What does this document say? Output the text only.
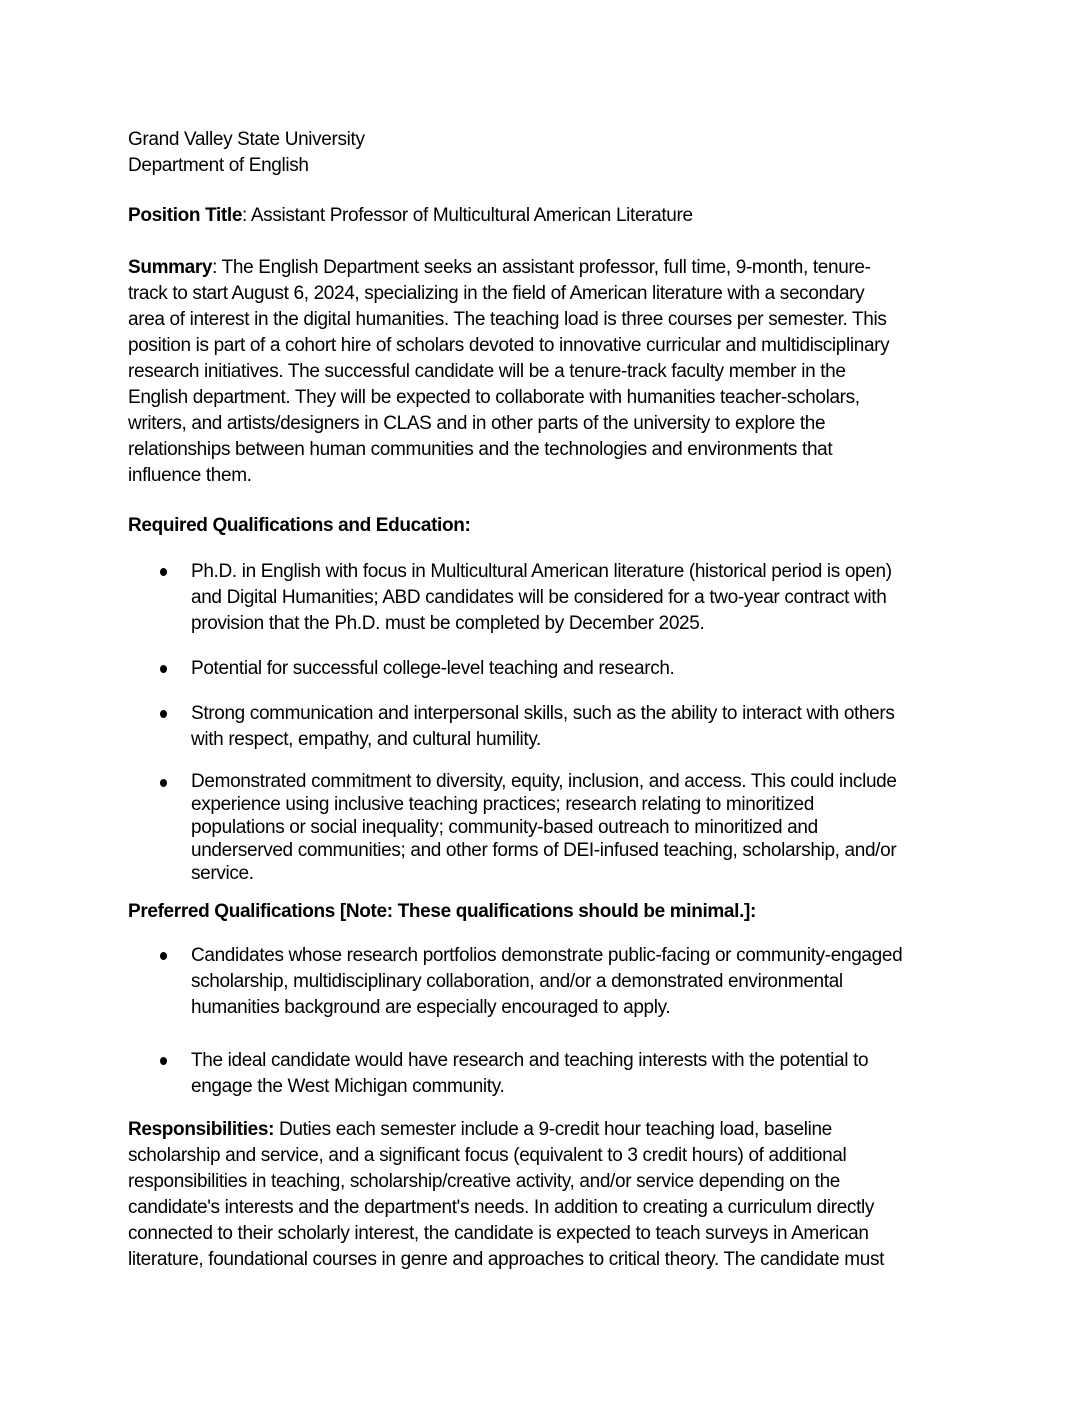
Grand Valley State University
Department of English
Position Title: Assistant Professor of Multicultural American Literature
Summary: The English Department seeks an assistant professor, full time, 9-month, tenure-
track to start August 6, 2024, specializing in the field of American literature with a secondary
area of interest in the digital humanities. The teaching load is three courses per semester. This
position is part of a cohort hire of scholars devoted to innovative curricular and multidisciplinary
research initiatives. The successful candidate will be a tenure-track faculty member in the
English department. They will be expected to collaborate with humanities teacher-scholars,
writers, and artists/designers in CLAS and in other parts of the university to explore the
relationships between human communities and the technologies and environments that
influence them.
Required Qualifications and Education:
Ph.D. in English with focus in Multicultural American literature (historical period is open)
and Digital Humanities; ABD candidates will be considered for a two-year contract with
provision that the Ph.D. must be completed by December 2025.
Potential for successful college-level teaching and research.
Strong communication and interpersonal skills, such as the ability to interact with others
with respect, empathy, and cultural humility.
Demonstrated commitment to diversity, equity, inclusion, and access. This could include
experience using inclusive teaching practices; research relating to minoritized
populations or social inequality; community-based outreach to minoritized and
underserved communities; and other forms of DEI-infused teaching, scholarship, and/or
service.
Preferred Qualifications [Note: These qualifications should be minimal.]:
Candidates whose research portfolios demonstrate public-facing or community-engaged
scholarship, multidisciplinary collaboration, and/or a demonstrated environmental
humanities background are especially encouraged to apply.
The ideal candidate would have research and teaching interests with the potential to
engage the West Michigan community.
Responsibilities: Duties each semester include a 9-credit hour teaching load, baseline
scholarship and service, and a significant focus (equivalent to 3 credit hours) of additional
responsibilities in teaching, scholarship/creative activity, and/or service depending on the
candidate's interests and the department's needs. In addition to creating a curriculum directly
connected to their scholarly interest, the candidate is expected to teach surveys in American
literature, foundational courses in genre and approaches to critical theory. The candidate must
